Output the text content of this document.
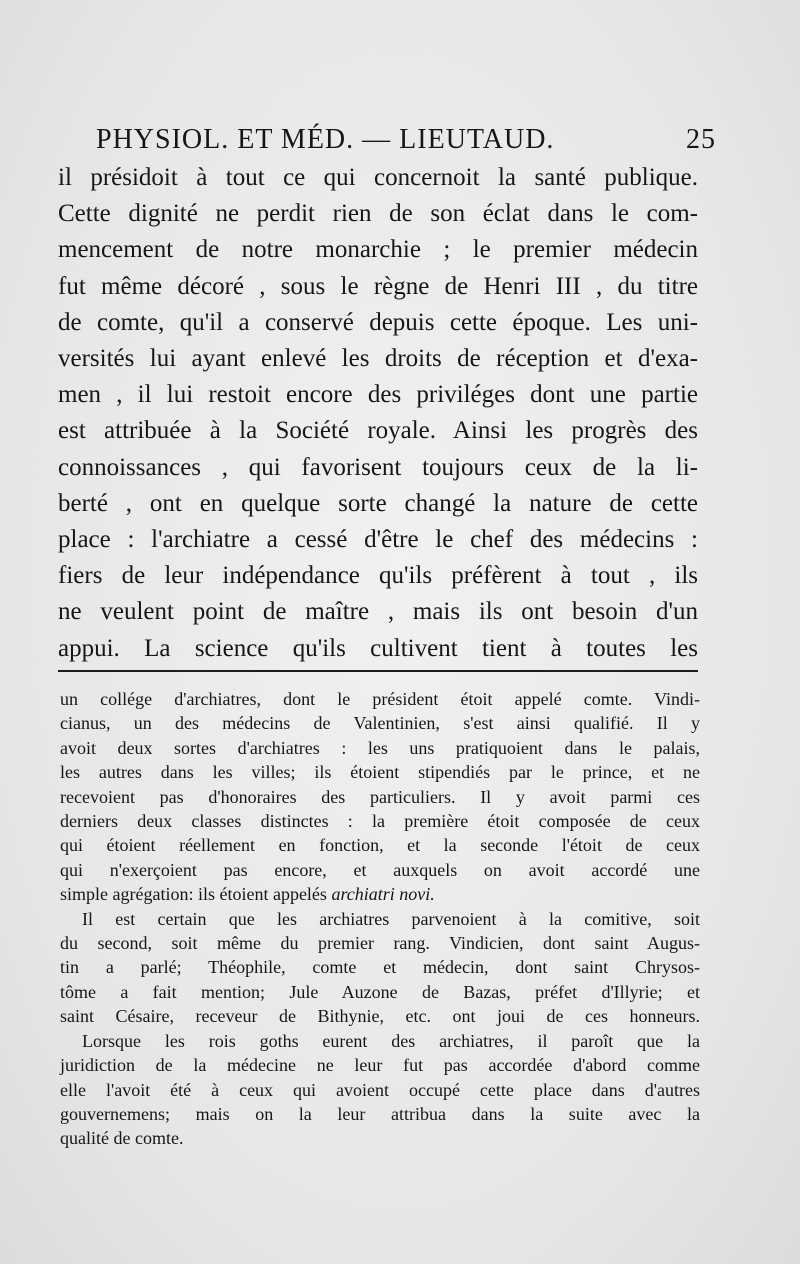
PHYSIOL. ET MÉD. — LIEUTAUD.	25
il présidoit à tout ce qui concernoit la santé publique.
Cette dignité ne perdit rien de son éclat dans le com-
mencement de notre monarchie ; le premier médecin
fut même décoré , sous le règne de Henri III , du titre
de comte, qu'il a conservé depuis cette époque. Les uni-
versités lui ayant enlevé les droits de réception et d'exa-
men , il lui restoit encore des priviléges dont une partie
est attribuée à la Société royale. Ainsi les progrès des
connoissances , qui favorisent toujours ceux de la li-
berté , ont en quelque sorte changé la nature de cette
place : l'archiatre a cessé d'être le chef des médecins :
fiers de leur indépendance qu'ils préfèrent à tout , ils
ne veulent point de maître , mais ils ont besoin d'un
appui. La science qu'ils cultivent tient à toutes les
un collége d'archiatres, dont le président étoit appelé comte. Vindi-
cianus, un des médecins de Valentinien, s'est ainsi qualifié. Il y
avoit deux sortes d'archiatres : les uns pratiquoient dans le palais,
les autres dans les villes; ils étoient stipendiés par le prince, et ne
recevoient pas d'honoraires des particuliers. Il y avoit parmi ces
derniers deux classes distinctes : la première étoit composée de ceux
qui étoient réellement en fonction, et la seconde l'étoit de ceux
qui n'exerçoient pas encore, et auxquels on avoit accordé une
simple agrégation: ils étoient appelés archiatri novi.
Il est certain que les archiatres parvenoient à la comitive, soit
du second, soit même du premier rang. Vindicien, dont saint Augus-
tin a parlé; Théophile, comte et médecin, dont saint Chrysos-
tôme a fait mention; Jule Auzone de Bazas, préfet d'Illyrie; et
saint Césaire, receveur de Bithynie, etc. ont joui de ces honneurs.
Lorsque les rois goths eurent des archiatres, il paroît que la
juridiction de la médecine ne leur fut pas accordée d'abord comme
elle l'avoit été à ceux qui avoient occupé cette place dans d'autres
gouvernemens; mais on la leur attribua dans la suite avec la
qualité de comte.
